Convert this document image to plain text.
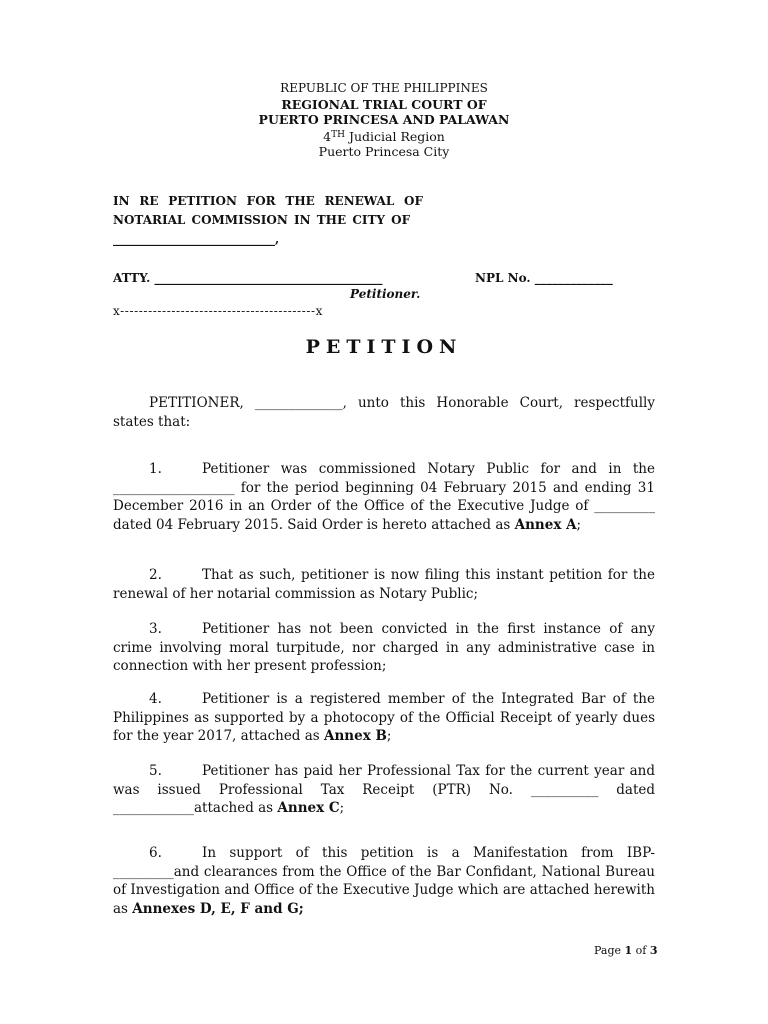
REPUBLIC OF THE PHILIPPINES
REGIONAL TRIAL COURT OF
PUERTO PRINCESA AND PALAWAN
4TH Judicial Region
Puerto Princesa City
IN RE PETITION FOR THE RENEWAL OF NOTARIAL COMMISSION IN THE CITY OF
___________________________,
ATTY. ______________________________________	NPL No. _____________
Petitioner.
x------------------------------------------x
PETITION
PETITIONER, _____________, unto this Honorable Court, respectfully states that:
1.	Petitioner was commissioned Notary Public for and in the __________________ for the period beginning 04 February 2015 and ending 31 December 2016 in an Order of the Office of the Executive Judge of _________ dated 04 February 2015. Said Order is hereto attached as Annex A;
2.	That as such, petitioner is now filing this instant petition for the renewal of her notarial commission as Notary Public;
3.	Petitioner has not been convicted in the first instance of any crime involving moral turpitude, nor charged in any administrative case in connection with her present profession;
4.	Petitioner is a registered member of the Integrated Bar of the Philippines as supported by a photocopy of the Official Receipt of yearly dues for the year 2017, attached as Annex B;
5.	Petitioner has paid her Professional Tax for the current year and was issued Professional Tax Receipt (PTR) No. __________ dated ____________attached as Annex C;
6.	In support of this petition is a Manifestation from IBP-_________and clearances from the Office of the Bar Confidant, National Bureau of Investigation and Office of the Executive Judge which are attached herewith as Annexes D, E, F and G;
Page 1 of 3
